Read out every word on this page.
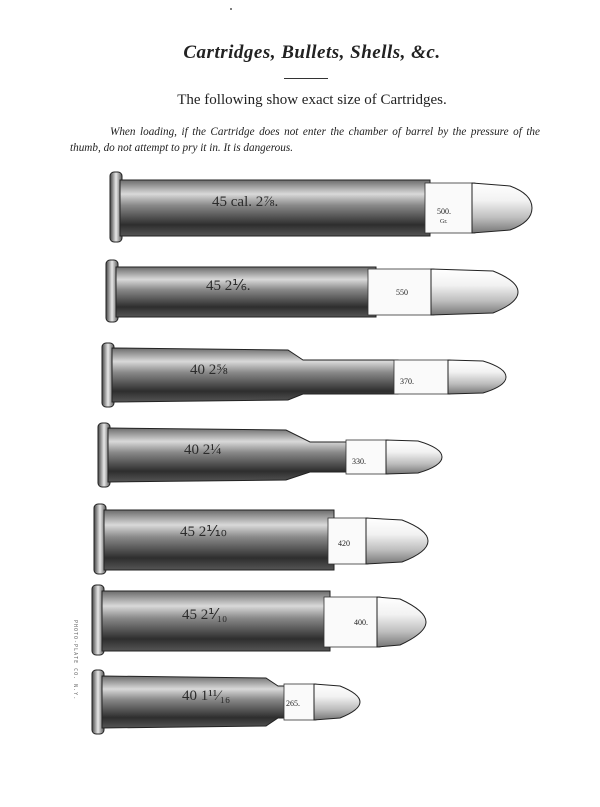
Cartridges, Bullets, Shells, &c.
The following show exact size of Cartridges.
When loading, if the Cartridge does not enter the chamber of barrel by the pressure of the thumb, do not attempt to pry it in. It is dangerous.
PHOTO-PLATE CO. N.Y.
45 cal. 2⅞.
500.
Gr.
45 2⅙.	550
40 2⅝
370.
40 2¼
330.
45 2⅒
420
45 2⅟₁₀	400.
40 1¹¹⁄₁₆	265.
